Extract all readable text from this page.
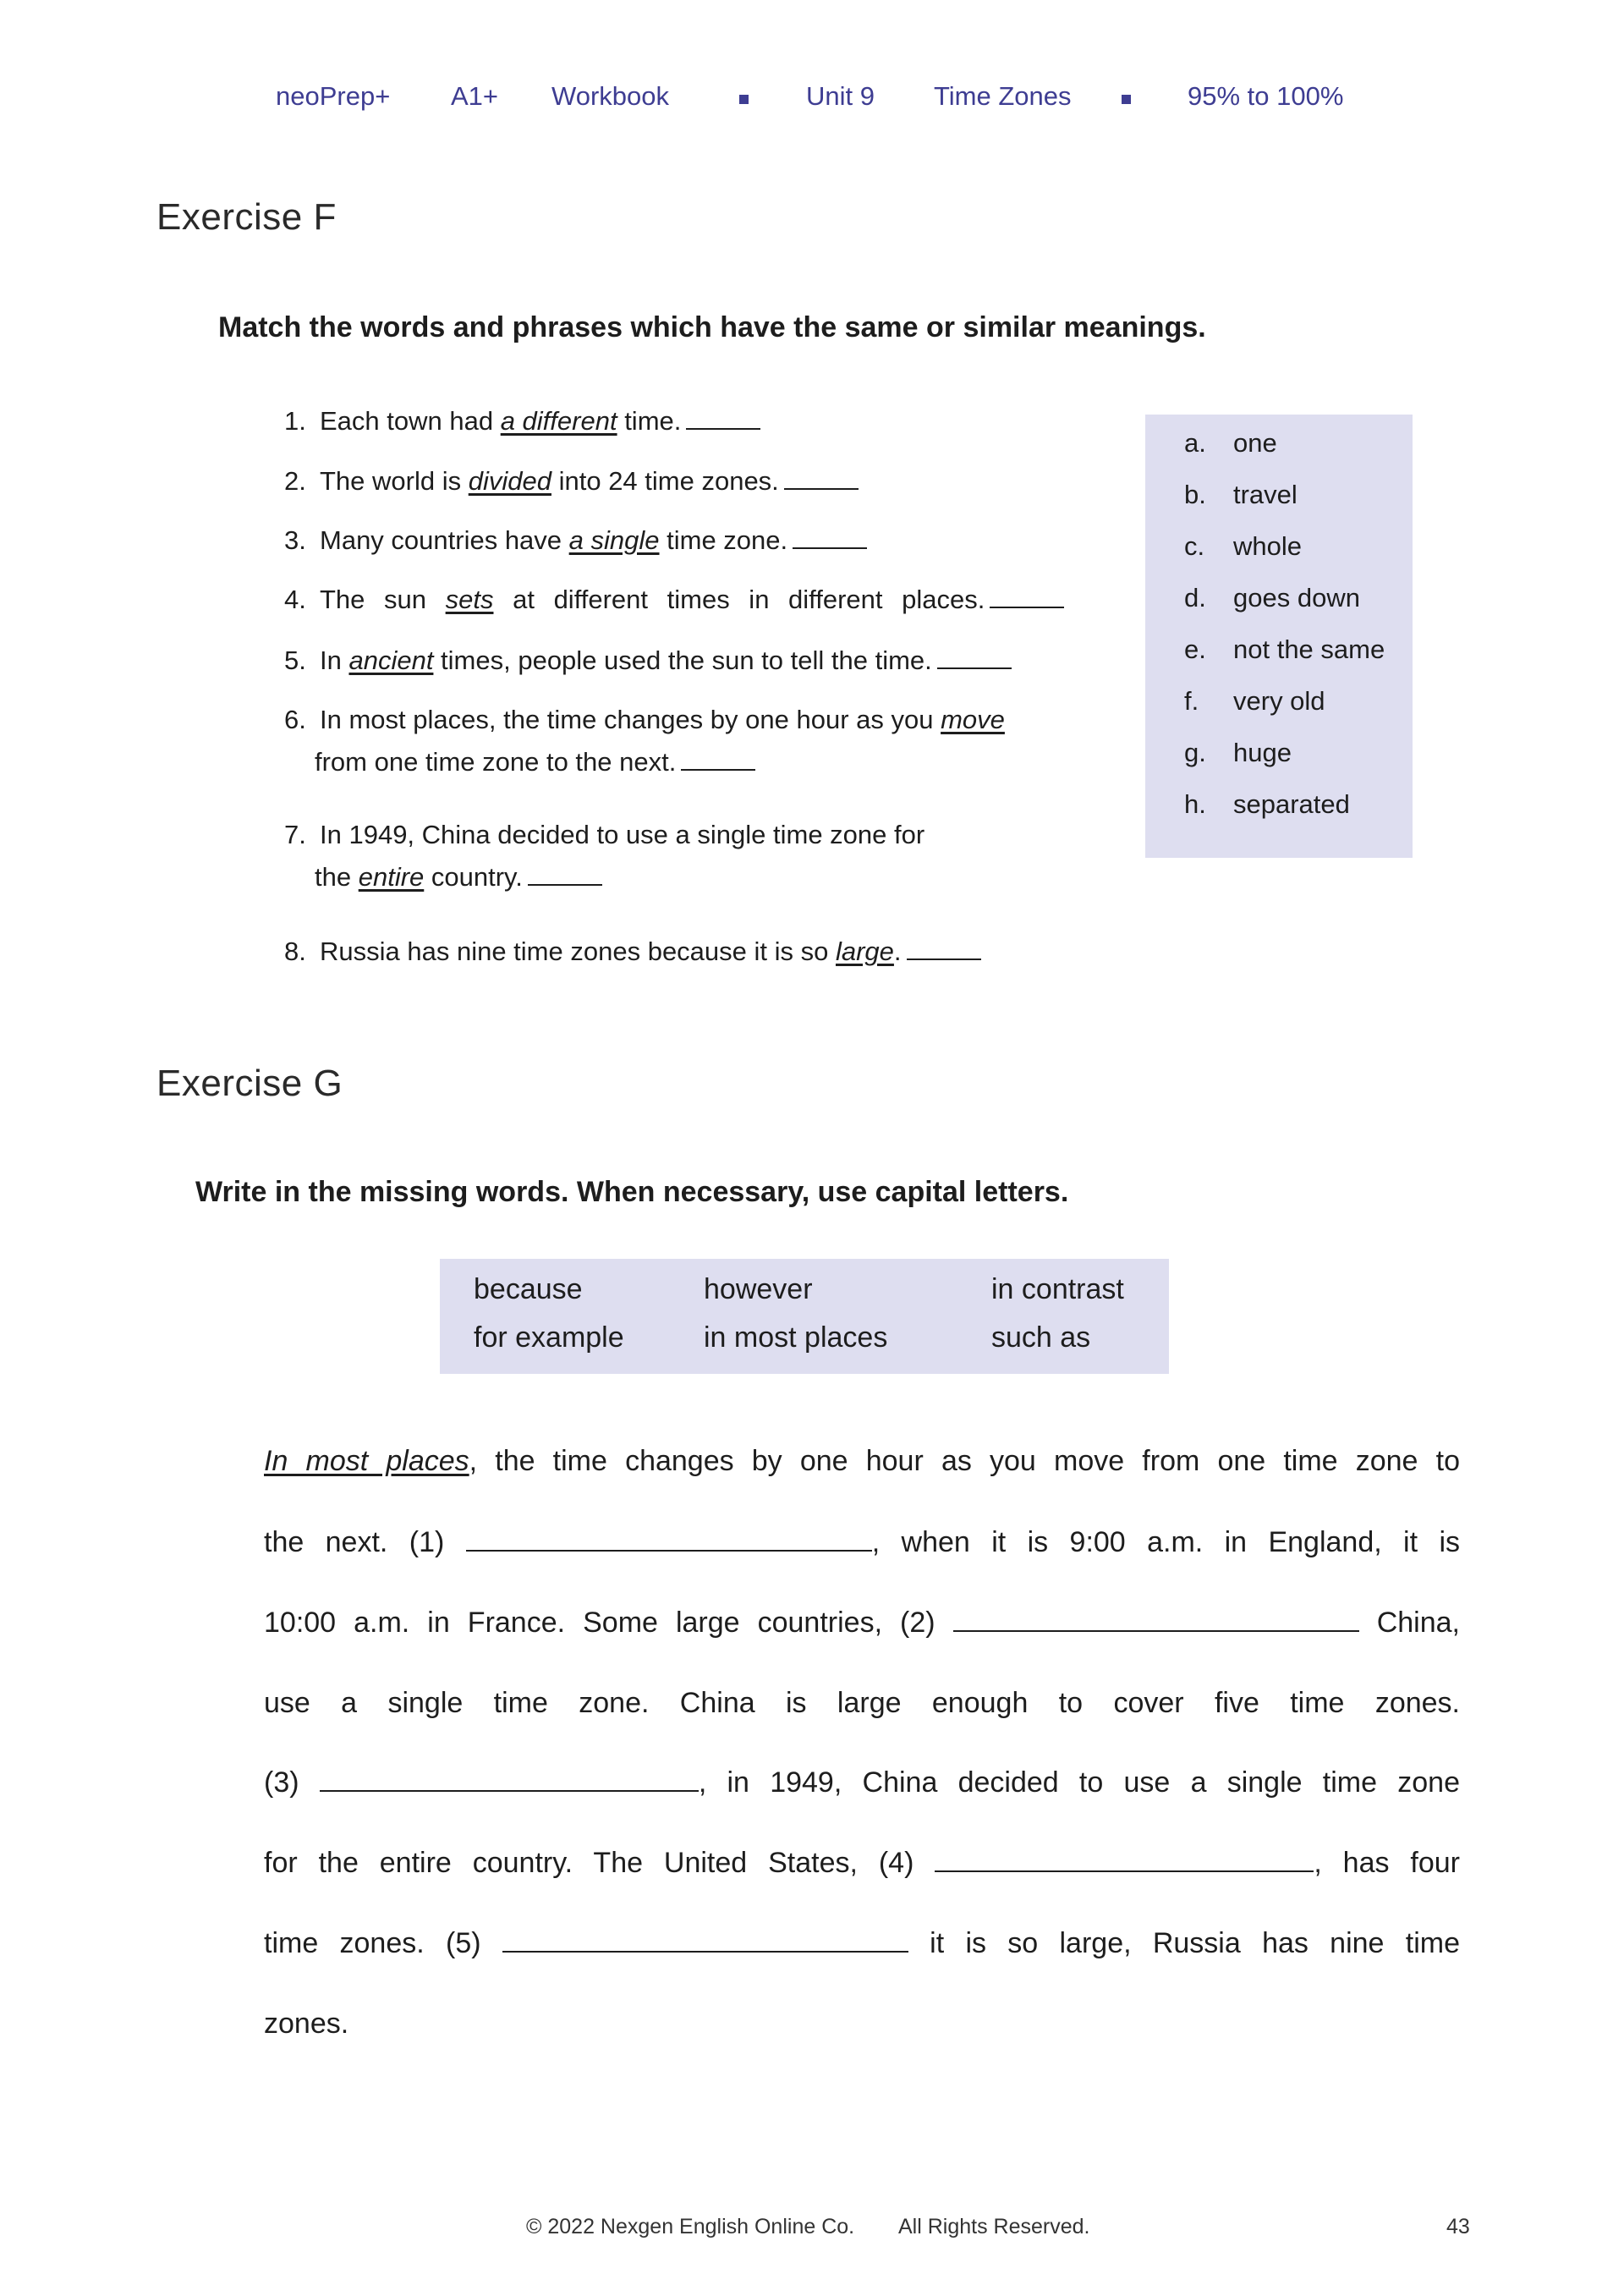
neoPrep+ A1+ Workbook	Unit 9 Time Zones	95% to 100%
Exercise F
Match the words and phrases which have the same or similar meanings.
1. Each town had a different time.
2. The world is divided into 24 time zones.
3. Many countries have a single time zone.
4. The sun sets at different times in different places.
5. In ancient times, people used the sun to tell the time.
6. In most places, the time changes by one hour as you move
from one time zone to the next.
7. In 1949, China decided to use a single time zone for
the entire country.
8. Russia has nine time zones because it is so large.
a. one
b. travel
c. whole
d. goes down
e. not the same
f. very old
g. huge
h. separated
Exercise G
Write in the missing words. When necessary, use capital letters.
because	however	in contrast
for example	in most places	such as
In most places, the time changes by one hour as you move from one time zone to
the next. (1)	, when it is 9:00 a.m. in England, it is
10:00 a.m. in France. Some large countries, (2)	China,
use a single time zone. China is large enough to cover five time zones.
(3)	, in 1949, China decided to use a single time zone
for the entire country. The United States, (4)	, has four
time zones. (5)	it is so large, Russia has nine time
zones.
© 2022 Nexgen English Online Co. All Rights Reserved.	43
